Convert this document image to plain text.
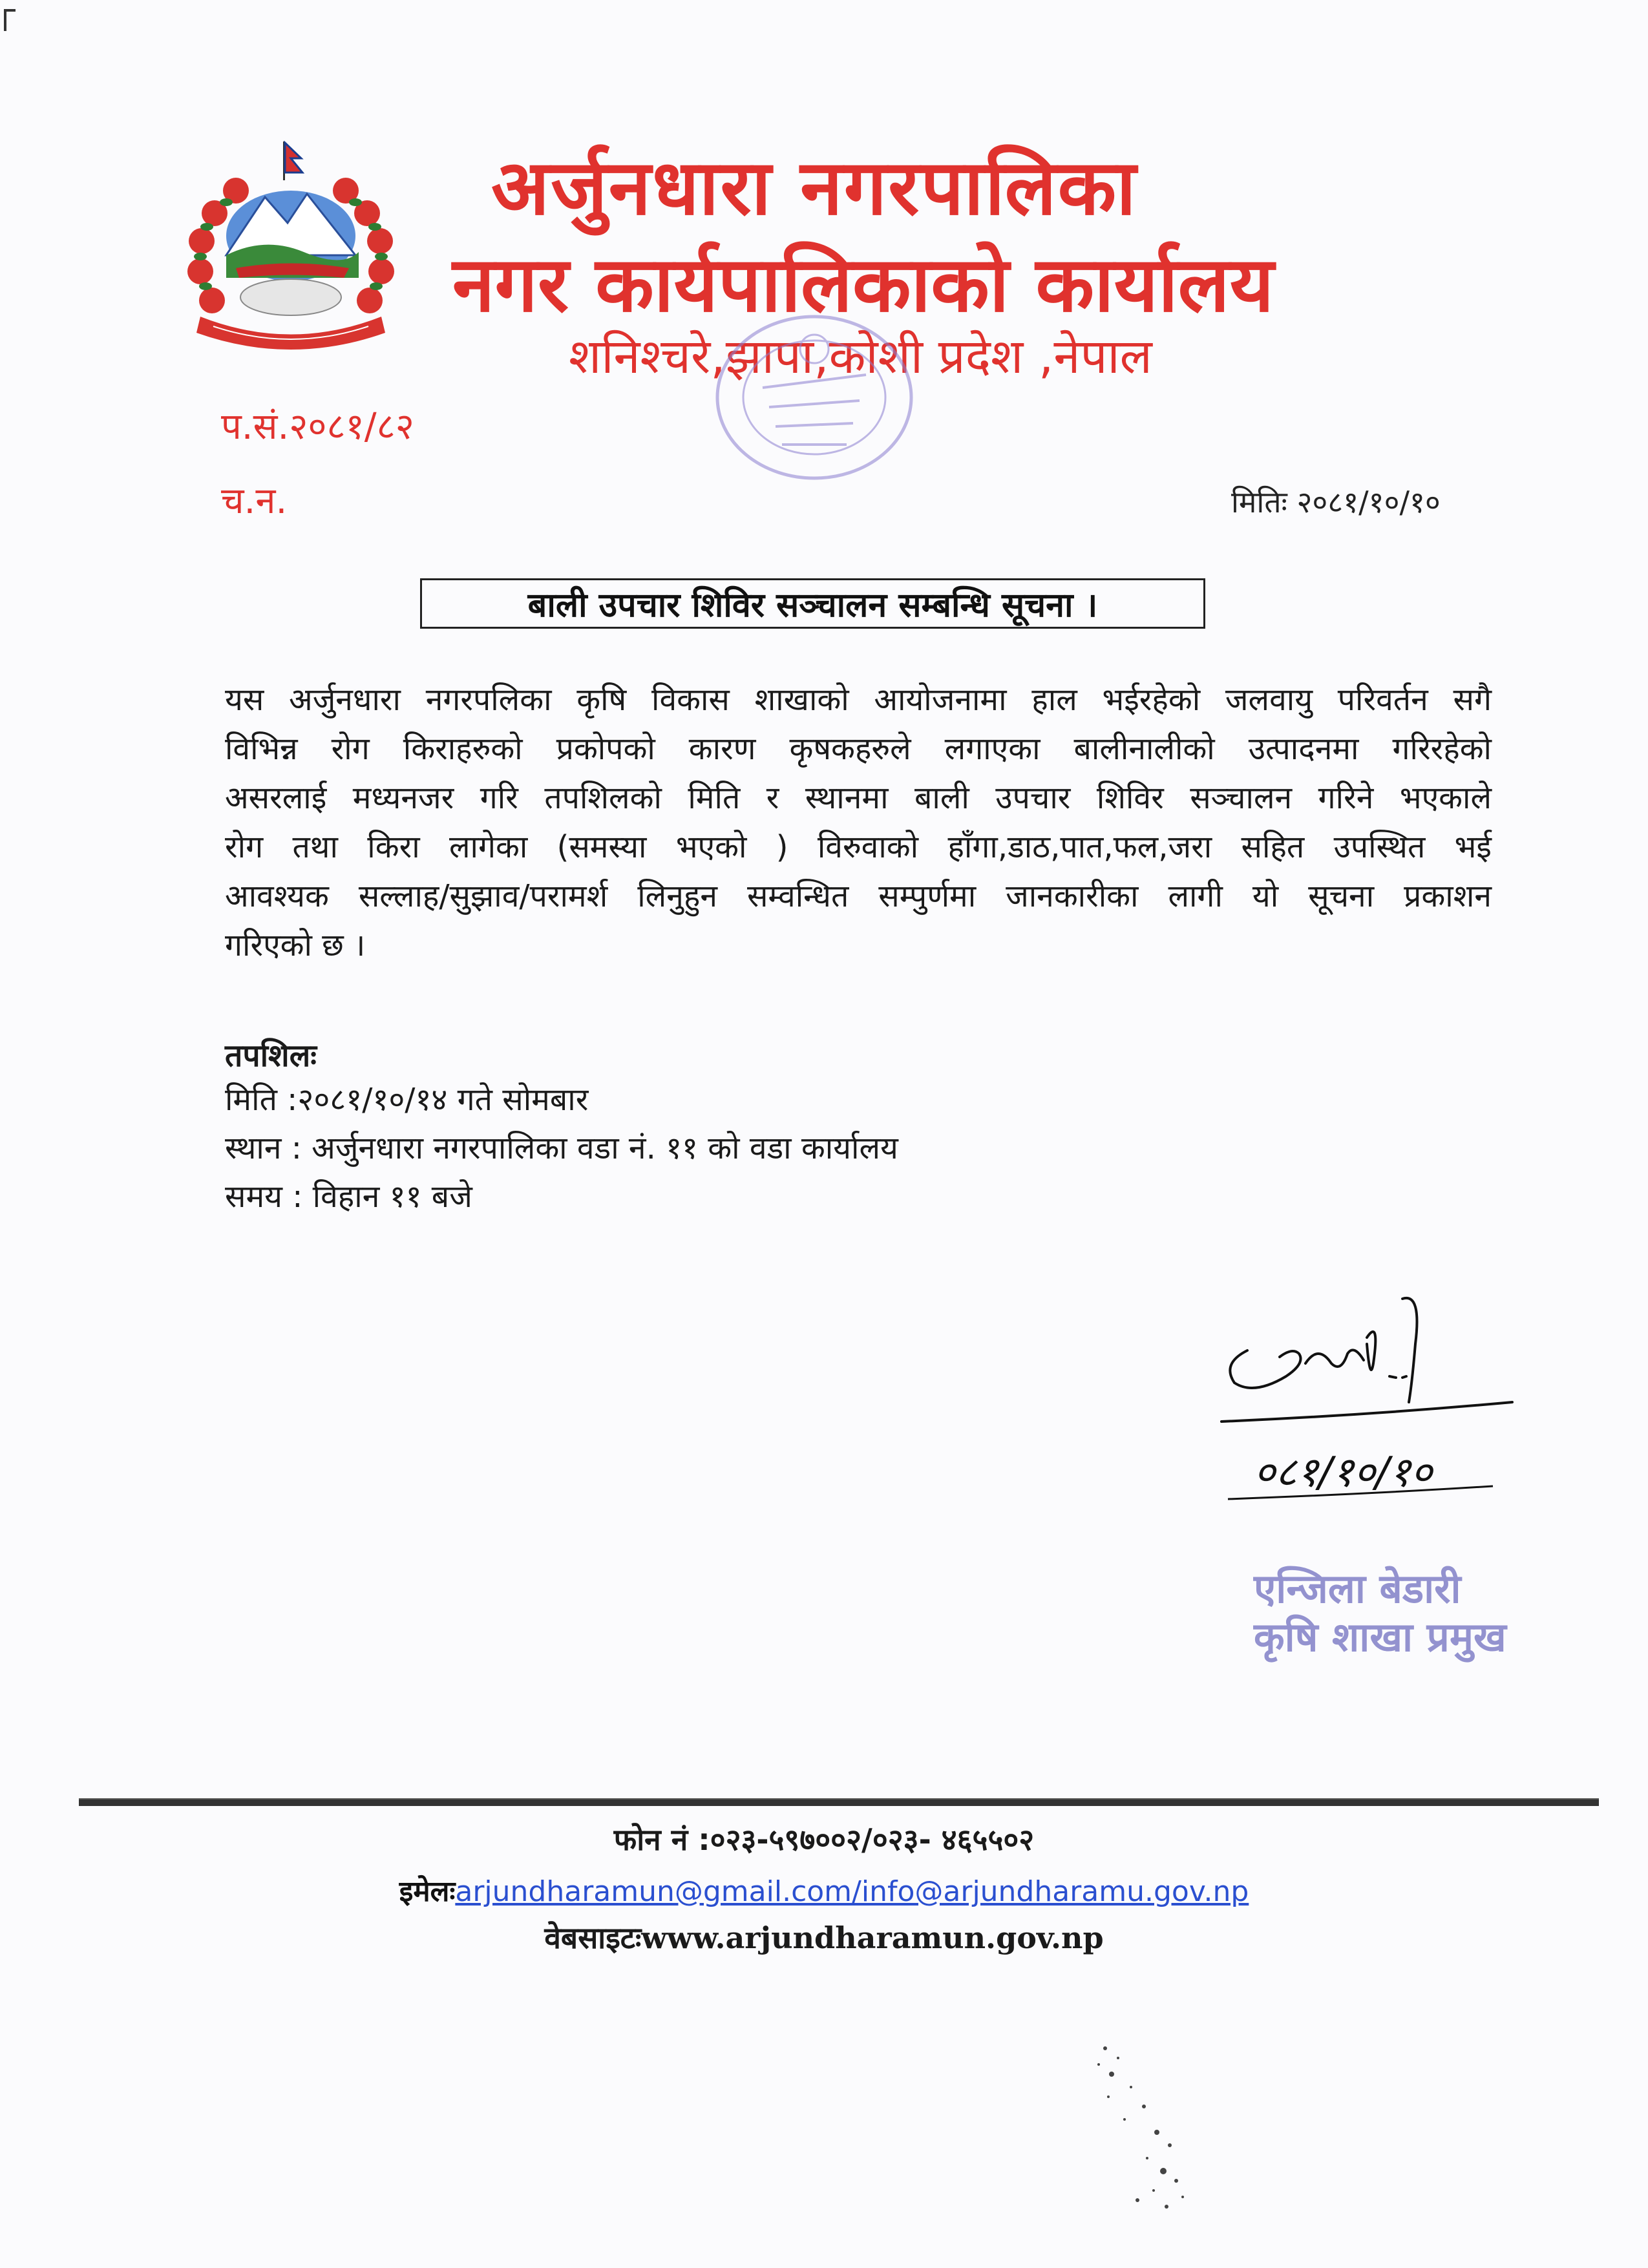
अर्जुनधारा नगरपालिका
नगर कार्यपालिकाको कार्यालय
शनिश्चरे,झापा,कोशी प्रदेश ,नेपाल
प.सं.२०८१/८२
च.न.	मितिः २०८१/१०/१०
बाली उपचार शिविर सञ्चालन सम्बन्धि सूचना ।
यस अर्जुनधारा नगरपलिका कृषि विकास शाखाको आयोजनामा हाल भईरहेको जलवायु परिवर्तन सगै
विभिन्न रोग किराहरुको प्रकोपको कारण कृषकहरुले लगाएका बालीनालीको उत्पादनमा गरिरहेको
असरलाई मध्यनजर गरि तपशिलको मिति र स्थानमा बाली उपचार शिविर सञ्चालन गरिने भएकाले
रोग तथा किरा लागेका (समस्या भएको ) विरुवाको हाँगा,डाठ,पात,फल,जरा सहित उपस्थित भई
आवश्यक सल्लाह/सुझाव/परामर्श लिनुहुन सम्वन्धित सम्पुर्णमा जानकारीका लागी यो सूचना प्रकाशन
गरिएको छ ।
तपशिलः
मिति :२०८१/१०/१४ गते सोमबार
स्थान : अर्जुनधारा नगरपालिका वडा नं. ११ को वडा कार्यालय
समय : विहान ११ बजे
०८१/१०/१०
एन्जिला बेडारी
कृषि शाखा प्रमुख
फोन नं :०२३-५९७००२/०२३- ४६५५०२
इमेलःarjundharamun@gmail.com/info@arjundharamu.gov.np
वेबसाइटःwww.arjundharamun.gov.np
